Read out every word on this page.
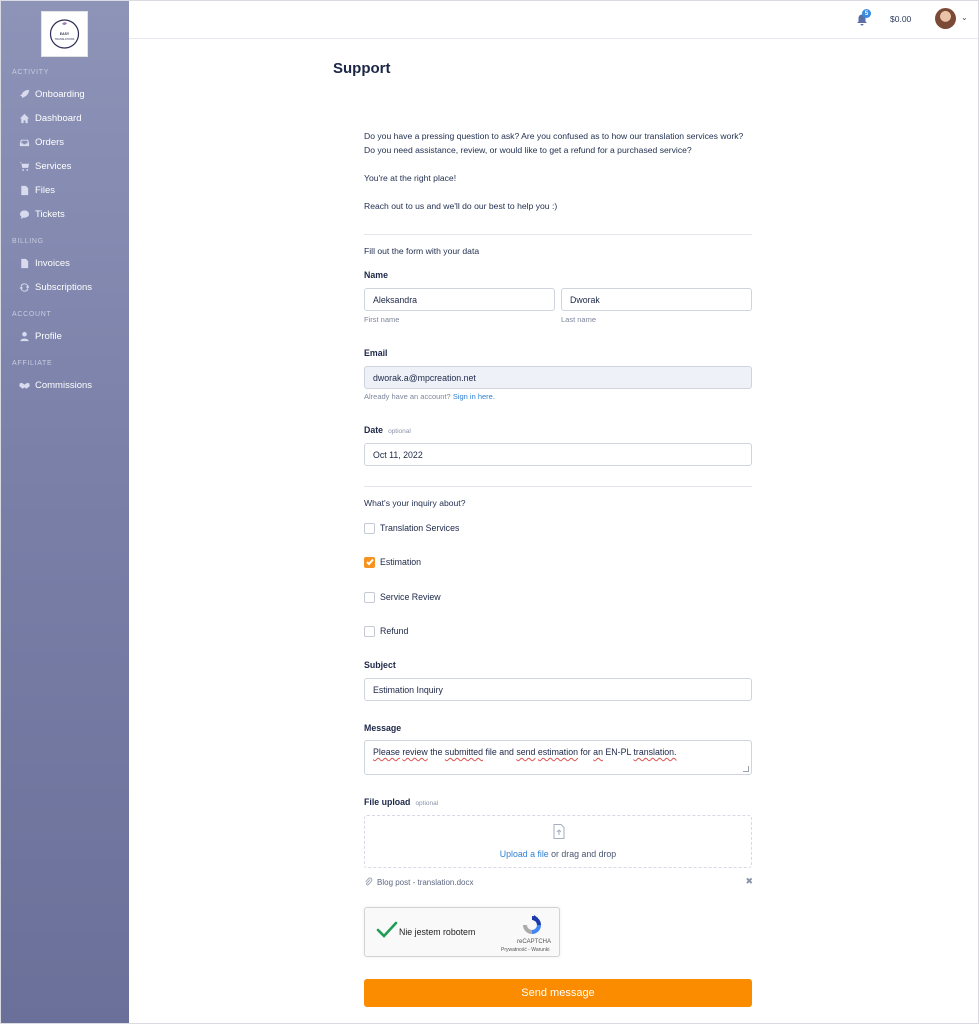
EASY
TRANSLATIONS
ACTIVITY
Onboarding
Dashboard
Orders
Services
Files
Tickets
BILLING
Invoices
Subscriptions
ACCOUNT
Profile
AFFILIATE
Commissions
5
$0.00	⌄
Support

Do you have a pressing question to ask? Are you confused as to how our translation services work? Do you need assistance, review, or would like to get a refund for a purchased service?

You're at the right place!

Reach out to us and we'll do our best to help you :)

Fill out the form with your data

Name
Aleksandra	Dworak
First name	Last name
Email
dworak.a@mpcreation.net
Already have an account? Sign in here.
Date optional
Oct 11, 2022

What's your inquiry about?

Translation Services
Estimation
Service Review
Refund
Subject
Estimation Inquiry
Message
Please review the submitted file and send estimation for an EN-PL translation.
File upload optional
Upload a file or drag and drop
Blog post - translation.docx	✖
Nie jestem robotem
reCAPTCHA
Prywatność - Warunki
Send message
